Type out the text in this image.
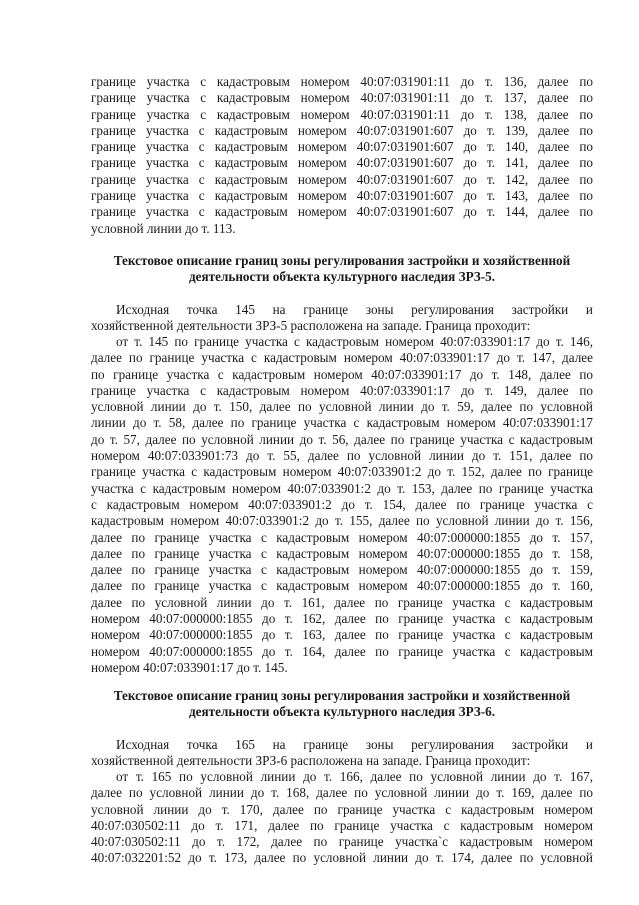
границе участка с кадастровым номером 40:07:031901:11 до т. 136, далее по
границе участка с кадастровым номером 40:07:031901:11 до т. 137, далее по
границе участка с кадастровым номером 40:07:031901:11 до т. 138, далее по
границе участка с кадастровым номером 40:07:031901:607 до т. 139, далее по
границе участка с кадастровым номером 40:07:031901:607 до т. 140, далее по
границе участка с кадастровым номером 40:07:031901:607 до т. 141, далее по
границе участка с кадастровым номером 40:07:031901:607 до т. 142, далее по
границе участка с кадастровым номером 40:07:031901:607 до т. 143, далее по
границе участка с кадастровым номером 40:07:031901:607 до т. 144, далее по
условной линии до т. 113.
Текстовое описание границ зоны регулирования застройки и хозяйственной
деятельности объекта культурного наследия ЗРЗ-5.
Исходная точка 145 на границе зоны регулирования застройки и
хозяйственной деятельности ЗРЗ-5 расположена на западе. Граница проходит:
от т. 145 по границе участка с кадастровым номером 40:07:033901:17 до т. 146,
далее по границе участка с кадастровым номером 40:07:033901:17 до т. 147, далее
по границе участка с кадастровым номером 40:07:033901:17 до т. 148, далее по
границе участка с кадастровым номером 40:07:033901:17 до т. 149, далее по
условной линии до т. 150, далее по условной линии до т. 59, далее по условной
линии до т. 58, далее по границе участка с кадастровым номером 40:07:033901:17
до т. 57, далее по условной линии до т. 56, далее по границе участка с кадастровым
номером 40:07:033901:73 до т. 55, далее по условной линии до т. 151, далее по
границе участка с кадастровым номером 40:07:033901:2 до т. 152, далее по границе
участка с кадастровым номером 40:07:033901:2 до т. 153, далее по границе участка
с кадастровым номером 40:07:033901:2 до т. 154, далее по границе участка с
кадастровым номером 40:07:033901:2 до т. 155, далее по условной линии до т. 156,
далее по границе участка с кадастровым номером 40:07:000000:1855 до т. 157,
далее по границе участка с кадастровым номером 40:07:000000:1855 до т. 158,
далее по границе участка с кадастровым номером 40:07:000000:1855 до т. 159,
далее по границе участка с кадастровым номером 40:07:000000:1855 до т. 160,
далее по условной линии до т. 161, далее по границе участка с кадастровым
номером 40:07:000000:1855 до т. 162, далее по границе участка с кадастровым
номером 40:07:000000:1855 до т. 163, далее по границе участка с кадастровым
номером 40:07:000000:1855 до т. 164, далее по границе участка с кадастровым
номером 40:07:033901:17 до т. 145.
Текстовое описание границ зоны регулирования застройки и хозяйственной
деятельности объекта культурного наследия ЗРЗ-6.
Исходная точка 165 на границе зоны регулирования застройки и
хозяйственной деятельности ЗРЗ-6 расположена на западе. Граница проходит:
от т. 165 по условной линии до т. 166, далее по условной линии до т. 167,
далее по условной линии до т. 168, далее по условной линии до т. 169, далее по
условной линии до т. 170, далее по границе участка с кадастровым номером
40:07:030502:11 до т. 171, далее по границе участка с кадастровым номером
40:07:030502:11 до т. 172, далее по границе участка`с кадастровым номером
40:07:032201:52 до т. 173, далее по условной линии до т. 174, далее по условной
